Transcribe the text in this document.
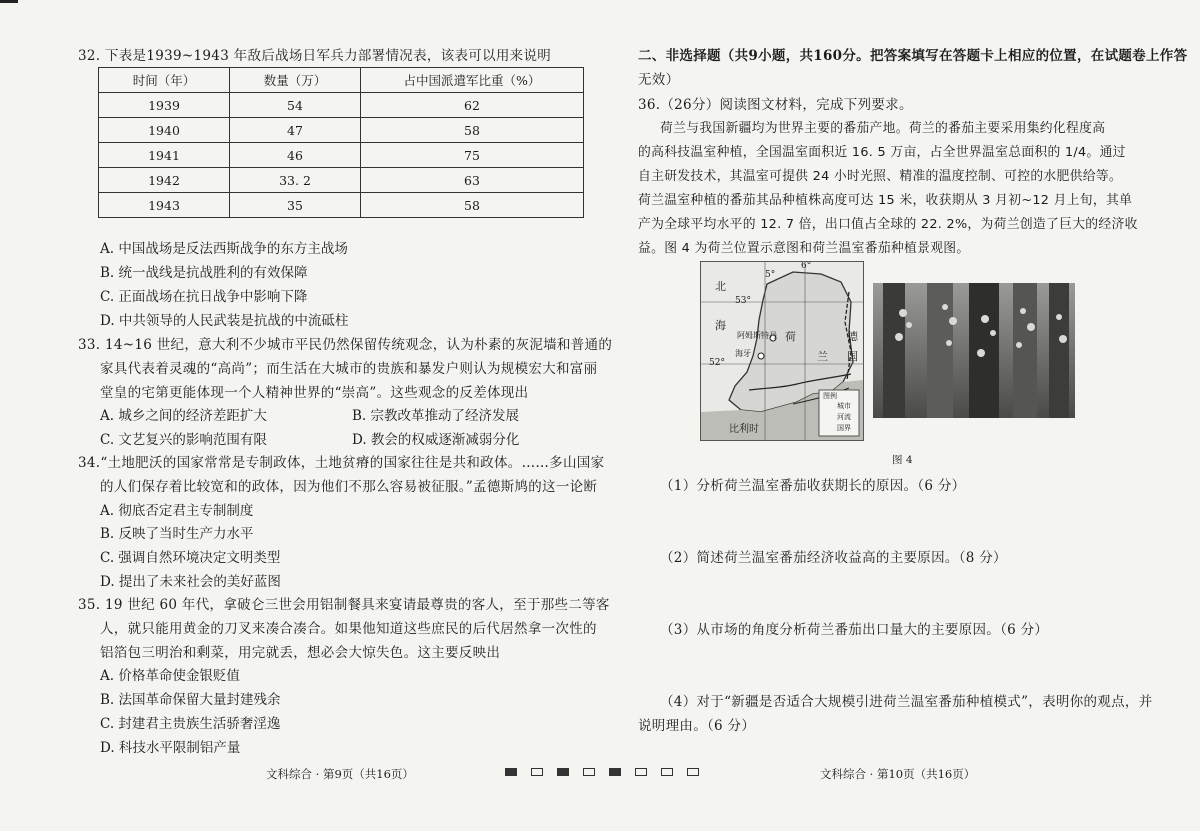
32. 下表是1939~1943 年敌后战场日军兵力部署情况表，该表可以用来说明
时间（年）	数量（万）	占中国派遣军比重（%）
1939	54	62
1940	47	58
1941	46	75
1942	33. 2	63
1943	35	58
A. 中国战场是反法西斯战争的东方主战场
B. 统一战线是抗战胜利的有效保障
C. 正面战场在抗日战争中影响下降
D. 中共领导的人民武装是抗战的中流砥柱
33. 14~16 世纪，意大利不少城市平民仍然保留传统观念，认为朴素的灰泥墙和普通的
家具代表着灵魂的“高尚”；而生活在大城市的贵族和暴发户则认为规模宏大和富丽
堂皇的宅第更能体现一个人精神世界的“崇高”。这些观念的反差体现出
A. 城乡之间的经济差距扩大	B. 宗教改革推动了经济发展
C. 文艺复兴的影响范围有限	D. 教会的权威逐渐减弱分化
34.“土地肥沃的国家常常是专制政体，土地贫瘠的国家往往是共和政体。……多山国家
的人们保存着比较宽和的政体，因为他们不那么容易被征服。”孟德斯鸠的这一论断
A. 彻底否定君主专制制度
B. 反映了当时生产力水平
C. 强调自然环境决定文明类型
D. 提出了未来社会的美好蓝图
35. 19 世纪 60 年代，拿破仑三世会用铝制餐具来宴请最尊贵的客人，至于那些二等客
人，就只能用黄金的刀叉来凑合凑合。如果他知道这些庶民的后代居然拿一次性的
铝箔包三明治和剩菜，用完就丢，想必会大惊失色。这主要反映出
A. 价格革命使金银贬值
B. 法国革命保留大量封建残余
C. 封建君主贵族生活骄奢淫逸
D. 科技水平限制铝产量
文科综合 · 第9页（共16页）
二、非选择题（共9小题，共160分。把答案填写在答题卡上相应的位置，在试题卷上作答
无效）
36.（26分）阅读图文材料，完成下列要求。
荷兰与我国新疆均为世界主要的番茄产地。荷兰的番茄主要采用集约化程度高
的高科技温室种植，全国温室面积近 16. 5 万亩，占全世界温室总面积的 1/4。通过
自主研发技术，其温室可提供 24 小时光照、精准的温度控制、可控的水肥供给等。
荷兰温室种植的番茄其品种植株高度可达 15 米，收获期从 3 月初~12 月上旬，其单
产为全球平均水平的 12. 7 倍，出口值占全球的 22. 2%，为荷兰创造了巨大的经济收
益。图 4 为荷兰位置示意图和荷兰温室番茄种植景观图。
北
海
5°
6°
53°
52°
阿姆斯特丹
海牙
荷
兰
德
国
比利时
图例
城市
河流
国界
图 4
（1）分析荷兰温室番茄收获期长的原因。（6 分）
（2）简述荷兰温室番茄经济收益高的主要原因。（8 分）
（3）从市场的角度分析荷兰番茄出口量大的主要原因。（6 分）
（4）对于“新疆是否适合大规模引进荷兰温室番茄种植模式”，表明你的观点，并
说明理由。（6 分）
文科综合 · 第10页（共16页）
